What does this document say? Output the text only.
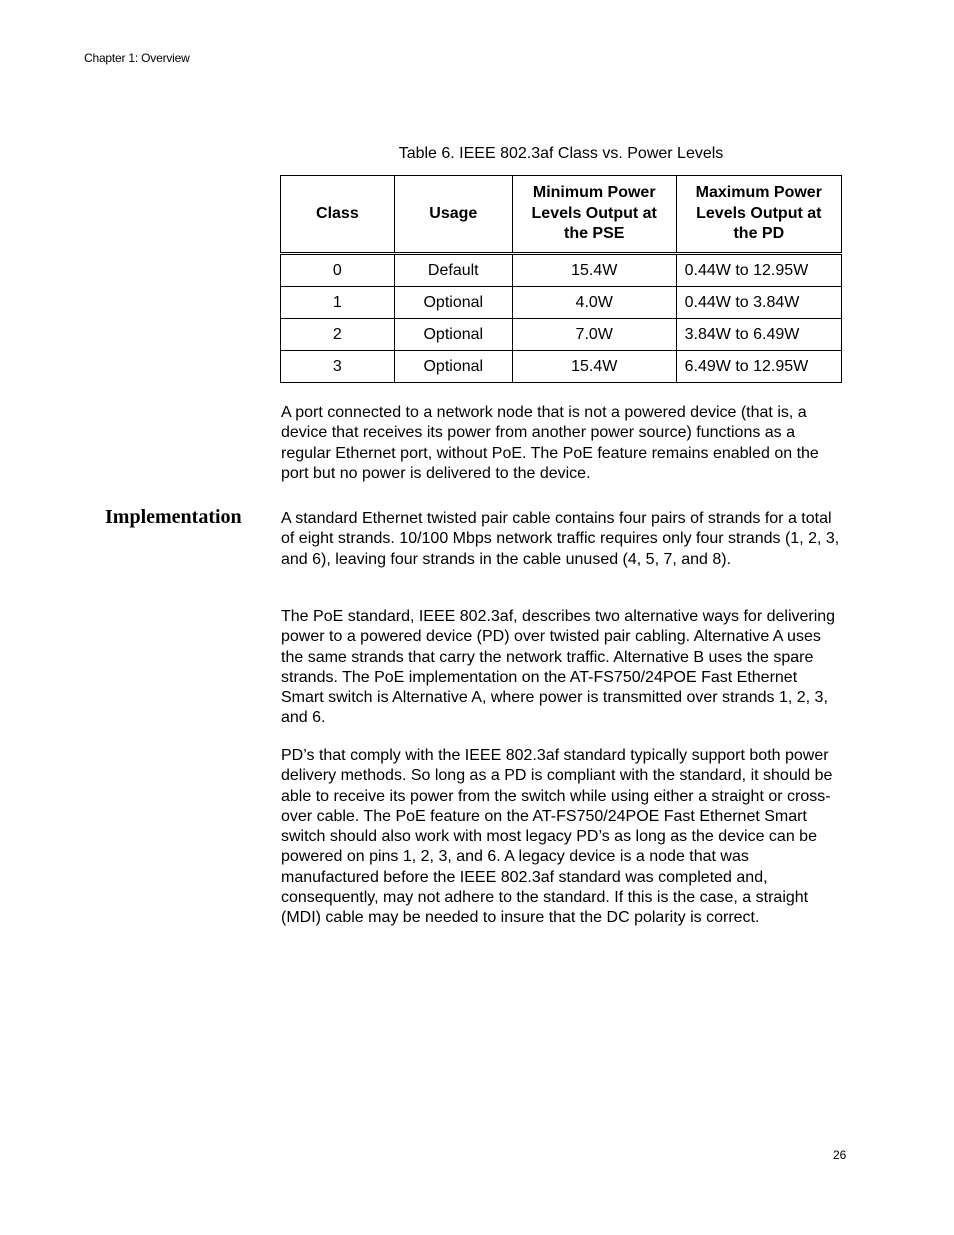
Chapter 1: Overview
Table 6. IEEE 802.3af Class vs. Power Levels
Class	Usage	Minimum Power Levels Output at the PSE	Maximum Power Levels Output at the PD
0	Default	15.4W	0.44W to 12.95W
1	Optional	4.0W	0.44W to 3.84W
2	Optional	7.0W	3.84W to 6.49W
3	Optional	15.4W	6.49W to 12.95W

A port connected to a network node that is not a powered device (that is, a device that receives its power from another power source) functions as a regular Ethernet port, without PoE. The PoE feature remains enabled on the port but no power is delivered to the device.

Implementation A standard Ethernet twisted pair cable contains four pairs of strands for a total of eight strands. 10/100 Mbps network traffic requires only four strands (1, 2, 3, and 6), leaving four strands in the cable unused (4, 5, 7, and 8).

The PoE standard, IEEE 802.3af, describes two alternative ways for delivering power to a powered device (PD) over twisted pair cabling. Alternative A uses the same strands that carry the network traffic. Alternative B uses the spare strands. The PoE implementation on the AT-FS750/24POE Fast Ethernet Smart switch is Alternative A, where power is transmitted over strands 1, 2, 3, and 6.

PD’s that comply with the IEEE 802.3af standard typically support both power delivery methods. So long as a PD is compliant with the standard, it should be able to receive its power from the switch while using either a straight or cross-over cable. The PoE feature on the AT-FS750/24POE Fast Ethernet Smart switch should also work with most legacy PD’s as long as the device can be powered on pins 1, 2, 3, and 6. A legacy device is a node that was manufactured before the IEEE 802.3af standard was completed and, consequently, may not adhere to the standard. If this is the case, a straight (MDI) cable may be needed to insure that the DC polarity is correct.

26
